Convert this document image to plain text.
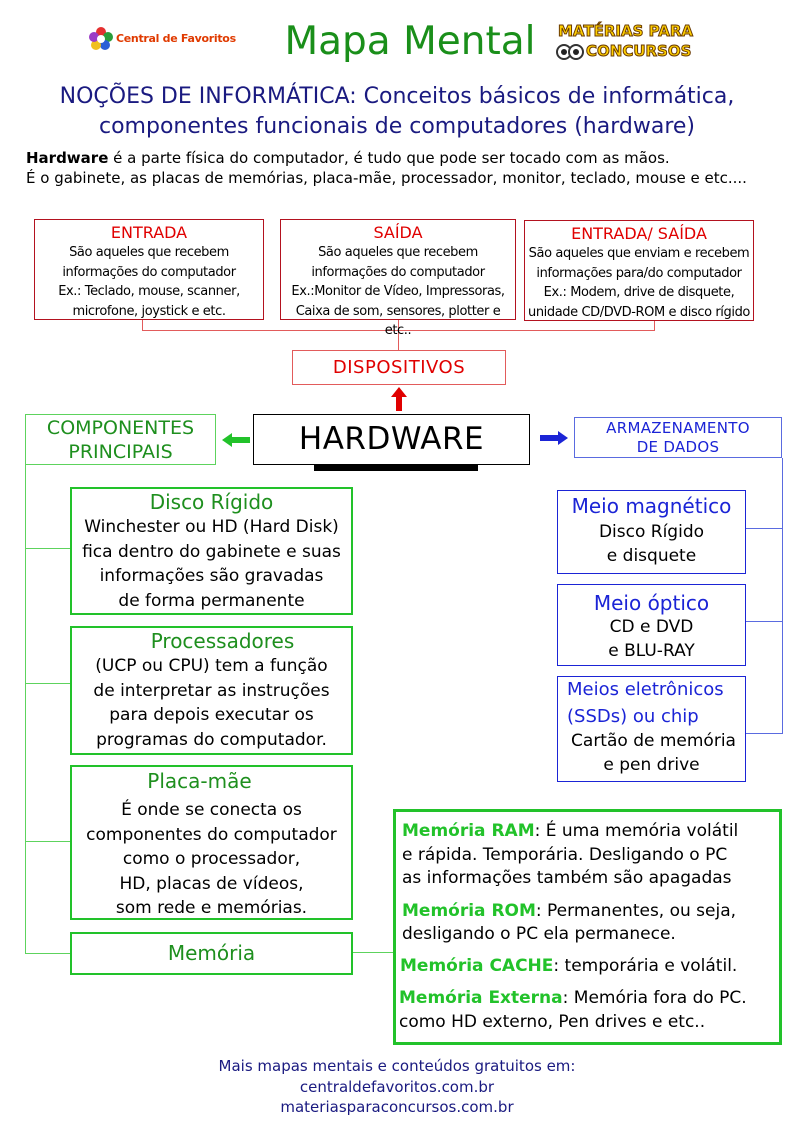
Central de Favoritos	Mapa Mental	MATÉRIAS PARA
CONCURSOS
NOÇÕES DE INFORMÁTICA: Conceitos básicos de informática,
componentes funcionais de computadores (hardware)
Hardware é a parte física do computador, é tudo que pode ser tocado com as mãos.
É o gabinete, as placas de memórias, placa-mãe, processador, monitor, teclado, mouse e etc....
ENTRADA
São aqueles que recebem
informações do computador
Ex.: Teclado, mouse, scanner,
microfone, joystick e etc.
SAÍDA
São aqueles que recebem
informações do computador
Ex.:Monitor de Vídeo, Impressoras,
Caixa de som, sensores, plotter e etc..
ENTRADA/ SAÍDA
São aqueles que enviam e recebem
informações para/do computador
Ex.: Modem, drive de disquete,
unidade CD/DVD-ROM e disco rígido
DISPOSITIVOS
HARDWARE
COMPONENTES
PRINCIPAIS
Disco Rígido
Winchester ou HD (Hard Disk)
fica dentro do gabinete e suas
informações são gravadas
de forma permanente
Processadores
(UCP ou CPU) tem a função
de interpretar as instruções
para depois executar os
programas do computador.
Placa-mãe
É onde se conecta os
componentes do computador
como o processador,
HD, placas de vídeos,
som rede e memórias.
Memória
ARMAZENAMENTO
DE DADOS
Meio magnético
Disco Rígido
e disquete
Meio óptico
CD e DVD
e BLU-RAY
Meios eletrônicos
(SSDs) ou chip
Cartão de memória
e pen drive
Memória RAM: É uma memória volátil
e rápida. Temporária. Desligando o PC
as informações também são apagadas
Memória ROM: Permanentes, ou seja,
desligando o PC ela permanece.
Memória CACHE: temporária e volátil.
Memória Externa: Memória fora do PC.
como HD externo, Pen drives e etc..
Mais mapas mentais e conteúdos gratuitos em:
centraldefavoritos.com.br
materiasparaconcursos.com.br
